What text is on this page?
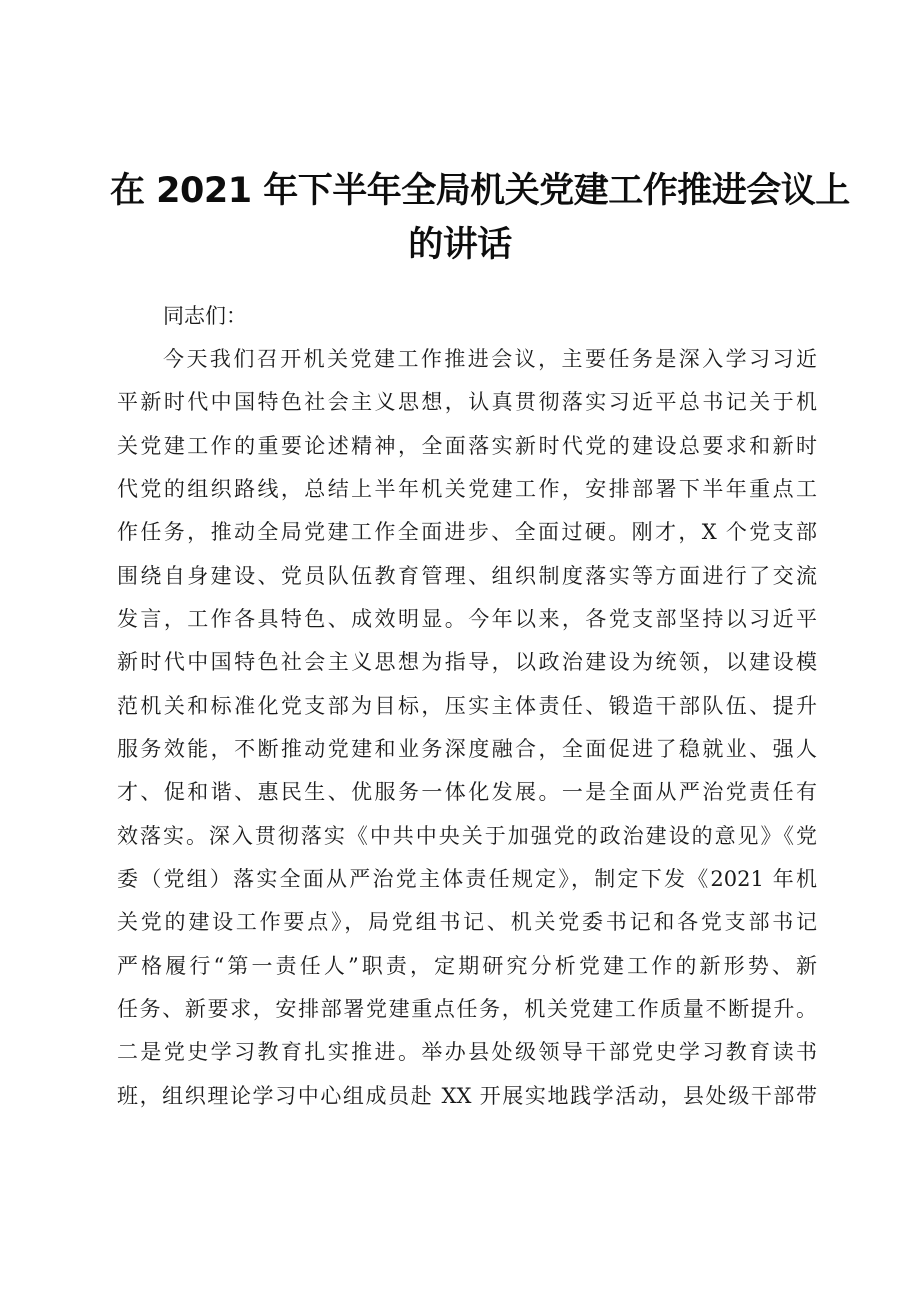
在 2021 年下半年全局机关党建工作推进会议上
的讲话
同志们：
今天我们召开机关党建工作推进会议，主要任务是深入学习习近
平新时代中国特色社会主义思想，认真贯彻落实习近平总书记关于机
关党建工作的重要论述精神，全面落实新时代党的建设总要求和新时
代党的组织路线，总结上半年机关党建工作，安排部署下半年重点工
作任务，推动全局党建工作全面进步、全面过硬。刚才，X 个党支部
围绕自身建设、党员队伍教育管理、组织制度落实等方面进行了交流
发言，工作各具特色、成效明显。今年以来，各党支部坚持以习近平
新时代中国特色社会主义思想为指导，以政治建设为统领，以建设模
范机关和标准化党支部为目标，压实主体责任、锻造干部队伍、提升
服务效能，不断推动党建和业务深度融合，全面促进了稳就业、强人
才、促和谐、惠民生、优服务一体化发展。一是全面从严治党责任有
效落实。深入贯彻落实《中共中央关于加强党的政治建设的意见》《党
委（党组）落实全面从严治党主体责任规定》，制定下发《2021 年机
关党的建设工作要点》，局党组书记、机关党委书记和各党支部书记
严格履行“第一责任人”职责，定期研究分析党建工作的新形势、新
任务、新要求，安排部署党建重点任务，机关党建工作质量不断提升。
二是党史学习教育扎实推进。举办县处级领导干部党史学习教育读书
班，组织理论学习中心组成员赴 XX 开展实地践学活动，县处级干部带
